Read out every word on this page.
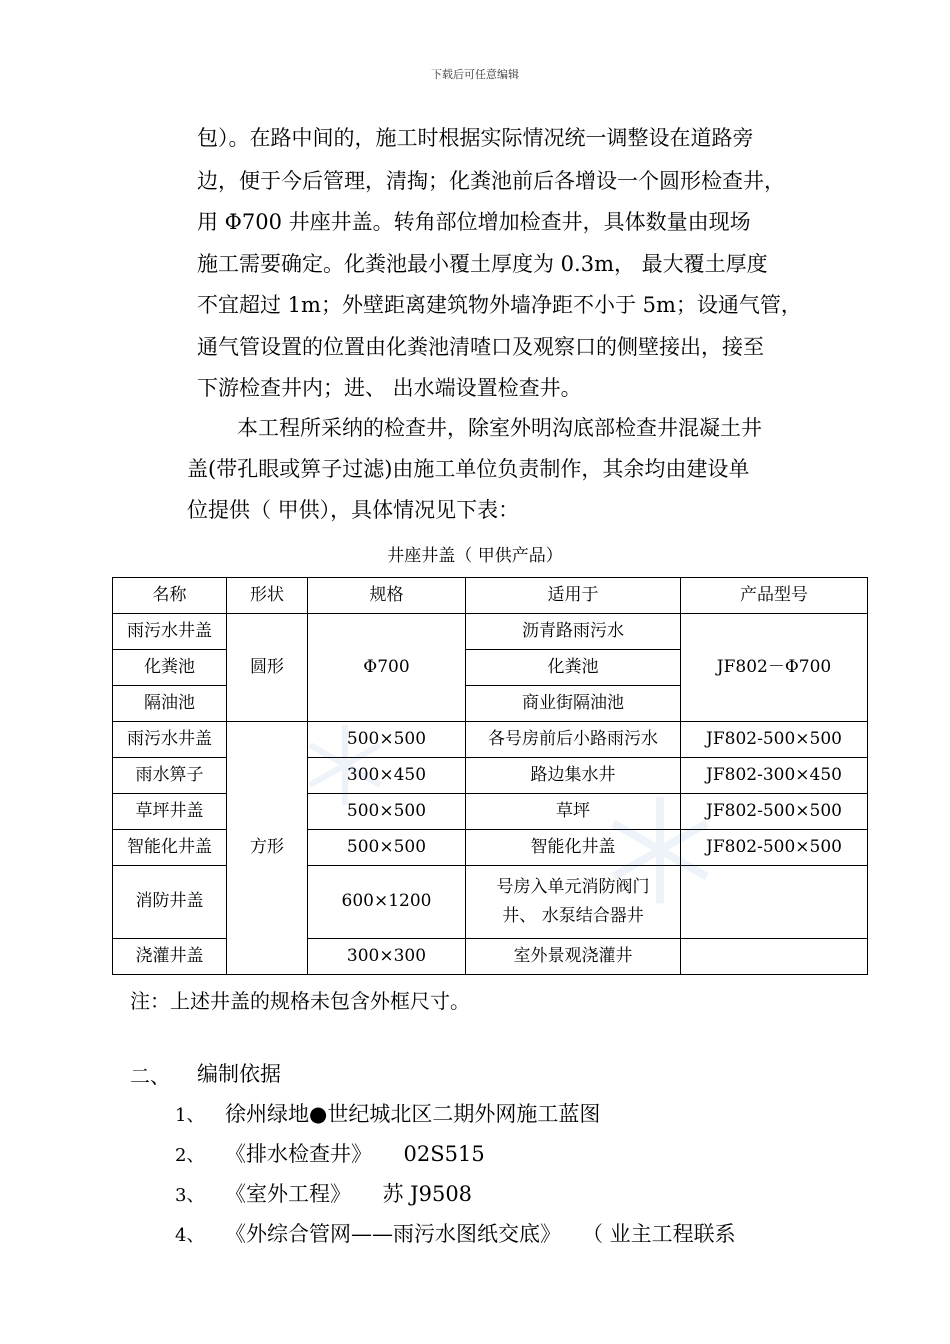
下载后可任意编辑
包）。在路中间的，施工时根据实际情况统一调整设在道路旁
边，便于今后管理，清掏；化粪池前后各增设一个圆形检查井，
用 Φ700 井座井盖。转角部位增加检查井，具体数量由现场
施工需要确定。化粪池最小覆土厚度为 0.3m， 最大覆土厚度
不宜超过 1m；外壁距离建筑物外墙净距不小于 5m；设通气管，
通气管设置的位置由化粪池清喳口及观察口的侧壁接出，接至
下游检查井内；进、 出水端设置检查井。
本工程所采纳的检查井，除室外明沟底部检查井混凝土井
盖(带孔眼或箅子过滤)由施工单位负责制作，其余均由建设单
位提供（ 甲供），具体情况见下表：
井座井盖（ 甲供产品）
名称	形状	规格	适用于	产品型号
雨污水井盖	圆形	Φ700	沥青路雨污水	JF802－Φ700
化粪池			化粪池	
隔油池			商业街隔油池	
雨污水井盖	方形	500×500	各号房前后小路雨污水	JF802-500×500
雨水箅子		300×450	路边集水井	JF802-300×450
草坪井盖		500×500	草坪	JF802-500×500
智能化井盖		500×500	智能化井盖	JF802-500×500
消防井盖		600×1200	号房入单元消防阀门
井、 水泵结合器井	

浇灌井盖		300×300	室外景观浇灌井	
注：上述井盖的规格未包含外框尺寸。
二、 编制依据
1、 徐州绿地●世纪城北区二期外网施工蓝图
2、 《排水检查井》　　02S515
3、 《室外工程》　　苏 J9508
4、 《外综合管网——雨污水图纸交底》　　（ 业主工程联系
